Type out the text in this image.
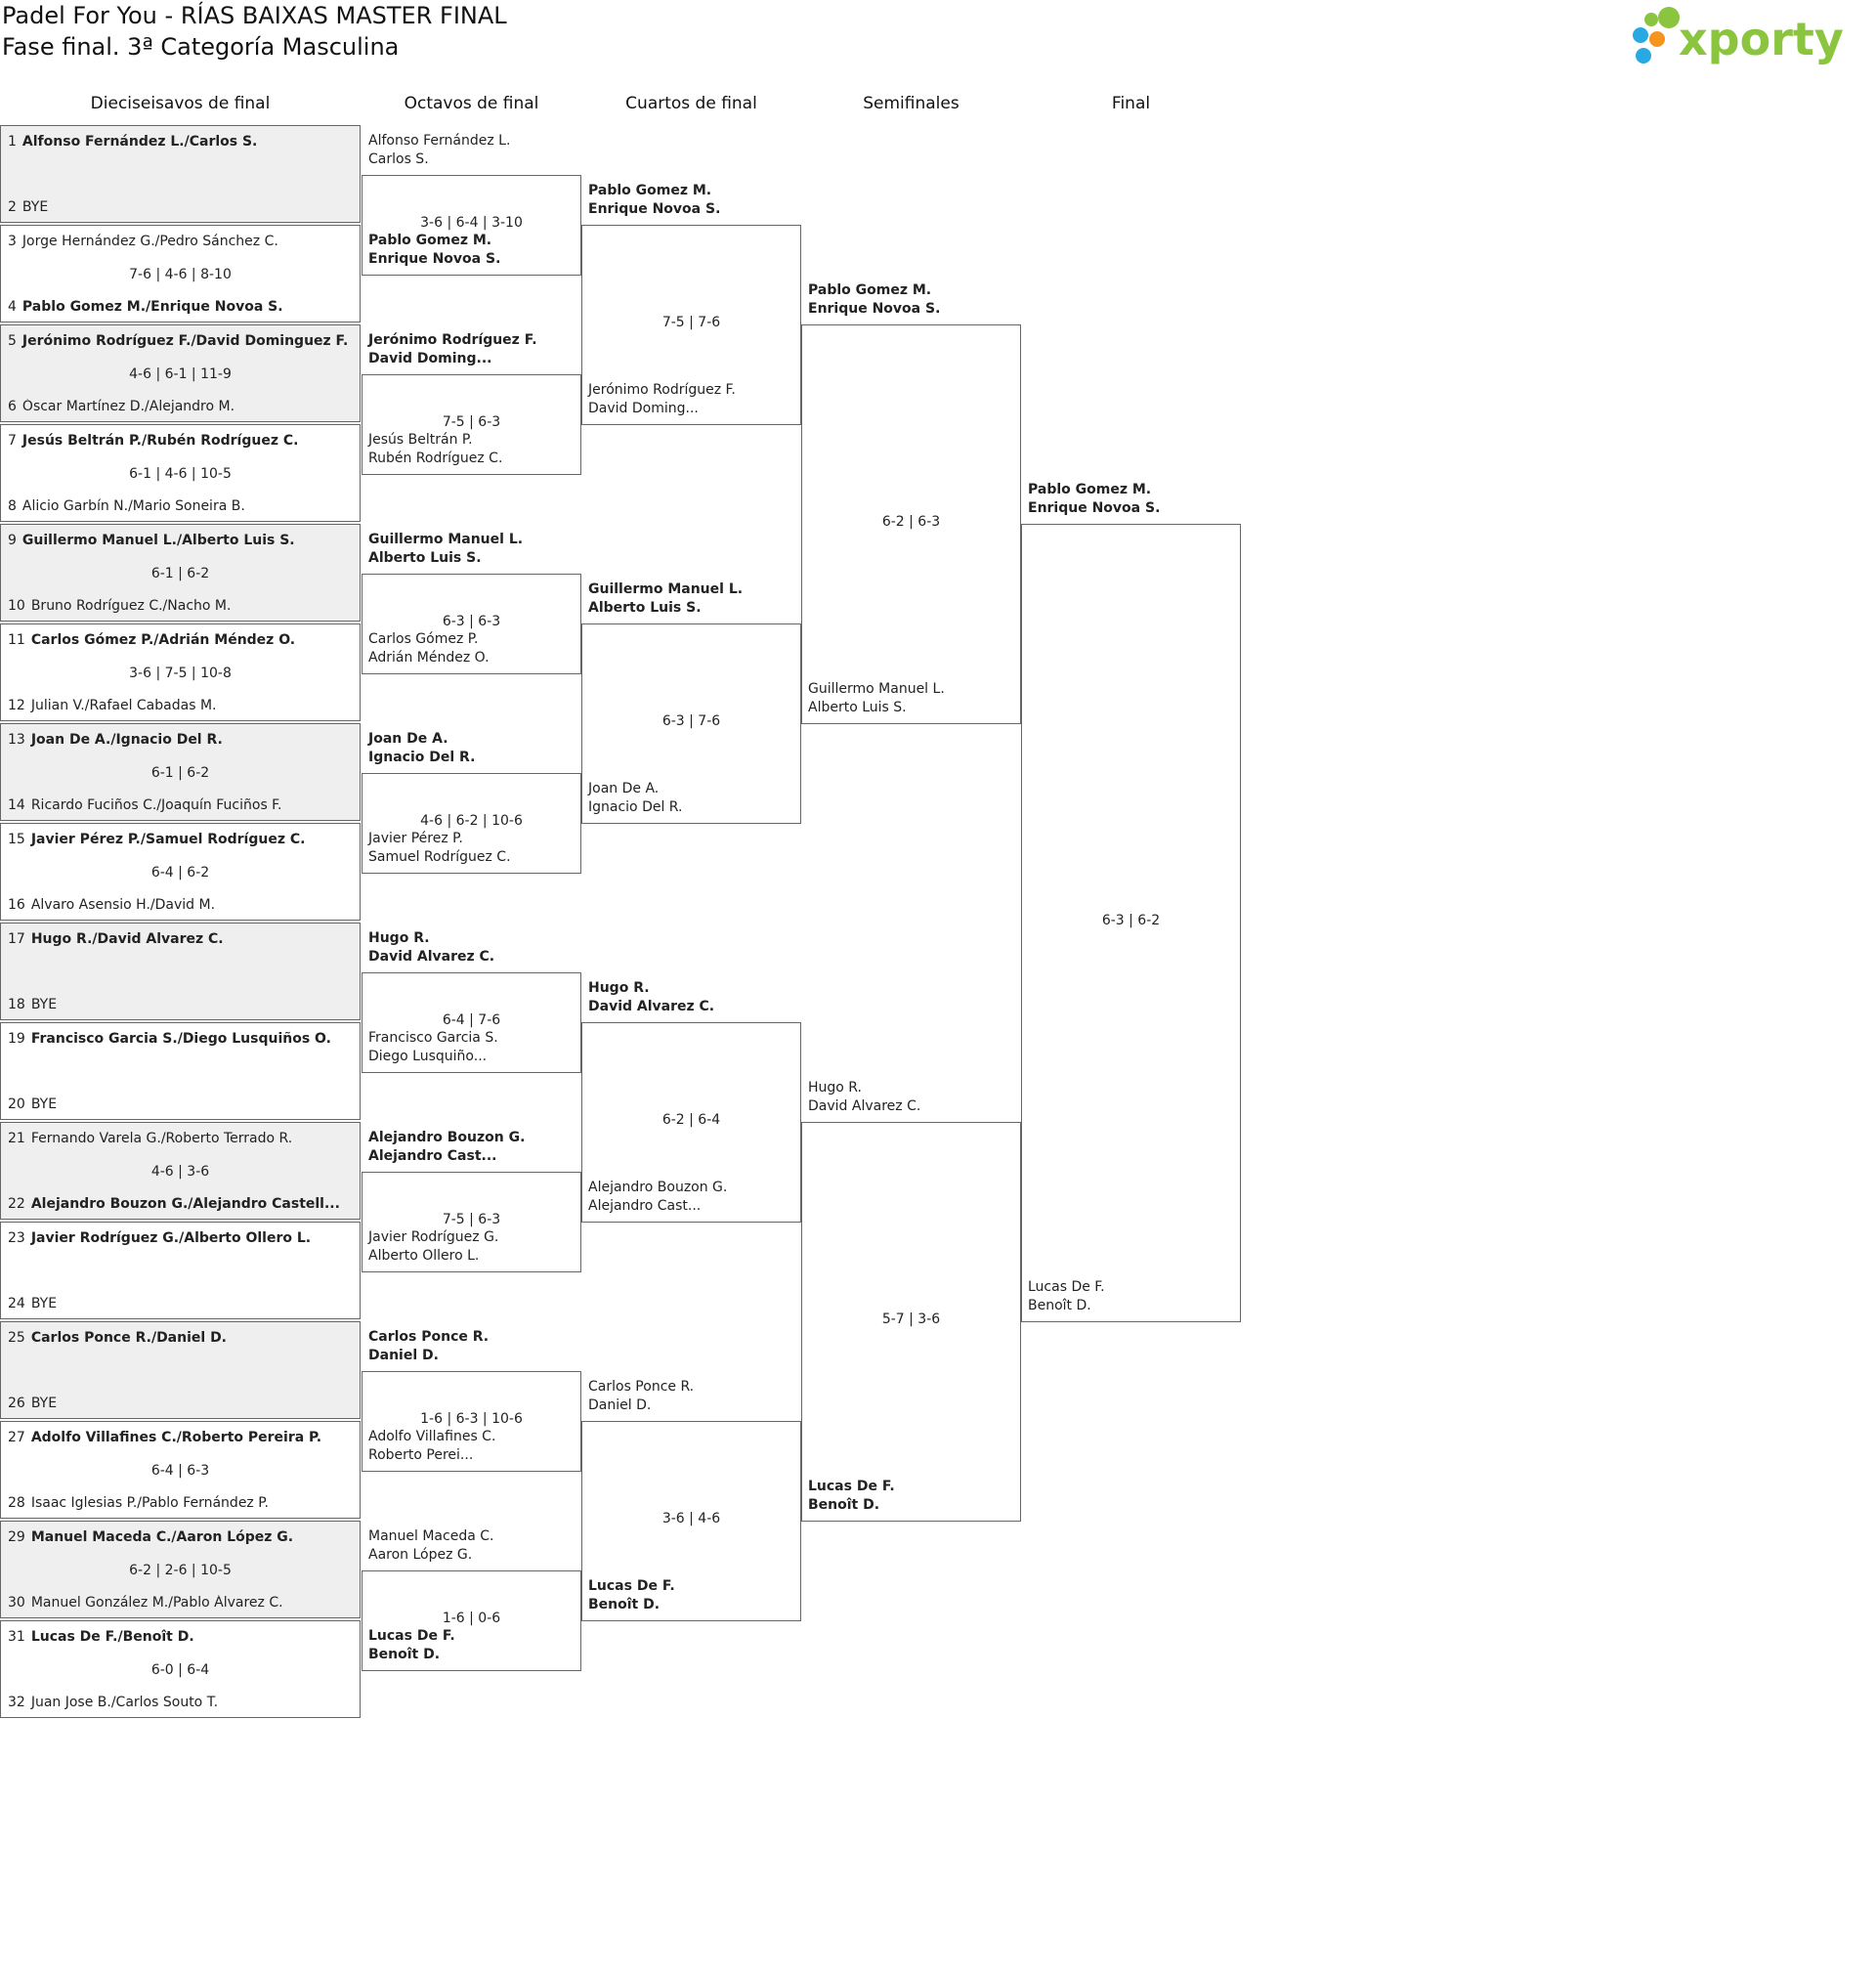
Padel For You - RÍAS BAIXAS MASTER FINAL
Fase final. 3ª Categoría Masculina	xporty
Dieciseisavos de final	Octavos de final	Cuartos de final	Semifinales	Final
1 Alfonso Fernández L./Carlos S.
2 BYE
3 Jorge Hernández G./Pedro Sánchez C.
7-6 | 4-6 | 8-10
4 Pablo Gomez M./Enrique Novoa S.
5 Jerónimo Rodríguez F./David Dominguez F.
4-6 | 6-1 | 11-9
6 Óscar Martínez D./Alejandro M.
7 Jesús Beltrán P./Rubén Rodríguez C.
6-1 | 4-6 | 10-5
8 Alicio Garbín N./Mario Soneira B.
9 Guillermo Manuel L./Alberto Luis S.
6-1 | 6-2
10 Bruno Rodríguez C./Nacho M.
11 Carlos Gómez P./Adrián Méndez O.
3-6 | 7-5 | 10-8
12 Julian V./Rafael Cabadas M.
13 Joan De A./Ignacio Del R.
6-1 | 6-2
14 Ricardo Fuciños C./Joaquín Fuciños F.
15 Javier Pérez P./Samuel Rodríguez C.
6-4 | 6-2
16 Alvaro Asensio H./David M.
17 Hugo R./David Alvarez C.
18 BYE
19 Francisco Garcia S./Diego Lusquiños O.
20 BYE
21 Fernando Varela G./Roberto Terrado R.
4-6 | 3-6
22 Alejandro Bouzon G./Alejandro Castell...
23 Javier Rodríguez G./Alberto Ollero L.
24 BYE
25 Carlos Ponce R./Daniel D.
26 BYE
27 Adolfo Villafines C./Roberto Pereira P.
6-4 | 6-3
28 Isaac Iglesias P./Pablo Fernández P.
29 Manuel Maceda C./Aaron López G.
6-2 | 2-6 | 10-5
30 Manuel González M./Pablo Álvarez C.
31 Lucas De F./Benoît D.
6-0 | 6-4
32 Juan Jose B./Carlos Souto T.
Alfonso Fernández L.
Carlos S.
Pablo Gomez M.
Enrique Novoa S.
3-6 | 6-4 | 3-10
Jerónimo Rodríguez F.
David Doming...
Jesús Beltrán P.
Rubén Rodríguez C.
7-5 | 6-3
Guillermo Manuel L.
Alberto Luis S.
Carlos Gómez P.
Adrián Méndez O.
6-3 | 6-3
Joan De A.
Ignacio Del R.
Javier Pérez P.
Samuel Rodríguez C.
4-6 | 6-2 | 10-6
Hugo R.
David Alvarez C.
Francisco Garcia S.
Diego Lusquiño...
6-4 | 7-6
Alejandro Bouzon G.
Alejandro Cast...
Javier Rodríguez G.
Alberto Ollero L.
7-5 | 6-3
Carlos Ponce R.
Daniel D.
Adolfo Villafines C.
Roberto Perei...
1-6 | 6-3 | 10-6
Manuel Maceda C.
Aaron López G.
Lucas De F.
Benoît D.
1-6 | 0-6
Pablo Gomez M.
Enrique Novoa S.
Jerónimo Rodríguez F.
David Doming...
7-5 | 7-6
Guillermo Manuel L.
Alberto Luis S.
Joan De A.
Ignacio Del R.
6-3 | 7-6
Hugo R.
David Alvarez C.
Alejandro Bouzon G.
Alejandro Cast...
6-2 | 6-4
Carlos Ponce R.
Daniel D.
Lucas De F.
Benoît D.
3-6 | 4-6
Pablo Gomez M.
Enrique Novoa S.
Guillermo Manuel L.
Alberto Luis S.
6-2 | 6-3
Hugo R.
David Alvarez C.
Lucas De F.
Benoît D.
5-7 | 3-6
Pablo Gomez M.
Enrique Novoa S.
Lucas De F.
Benoît D.
6-3 | 6-2
